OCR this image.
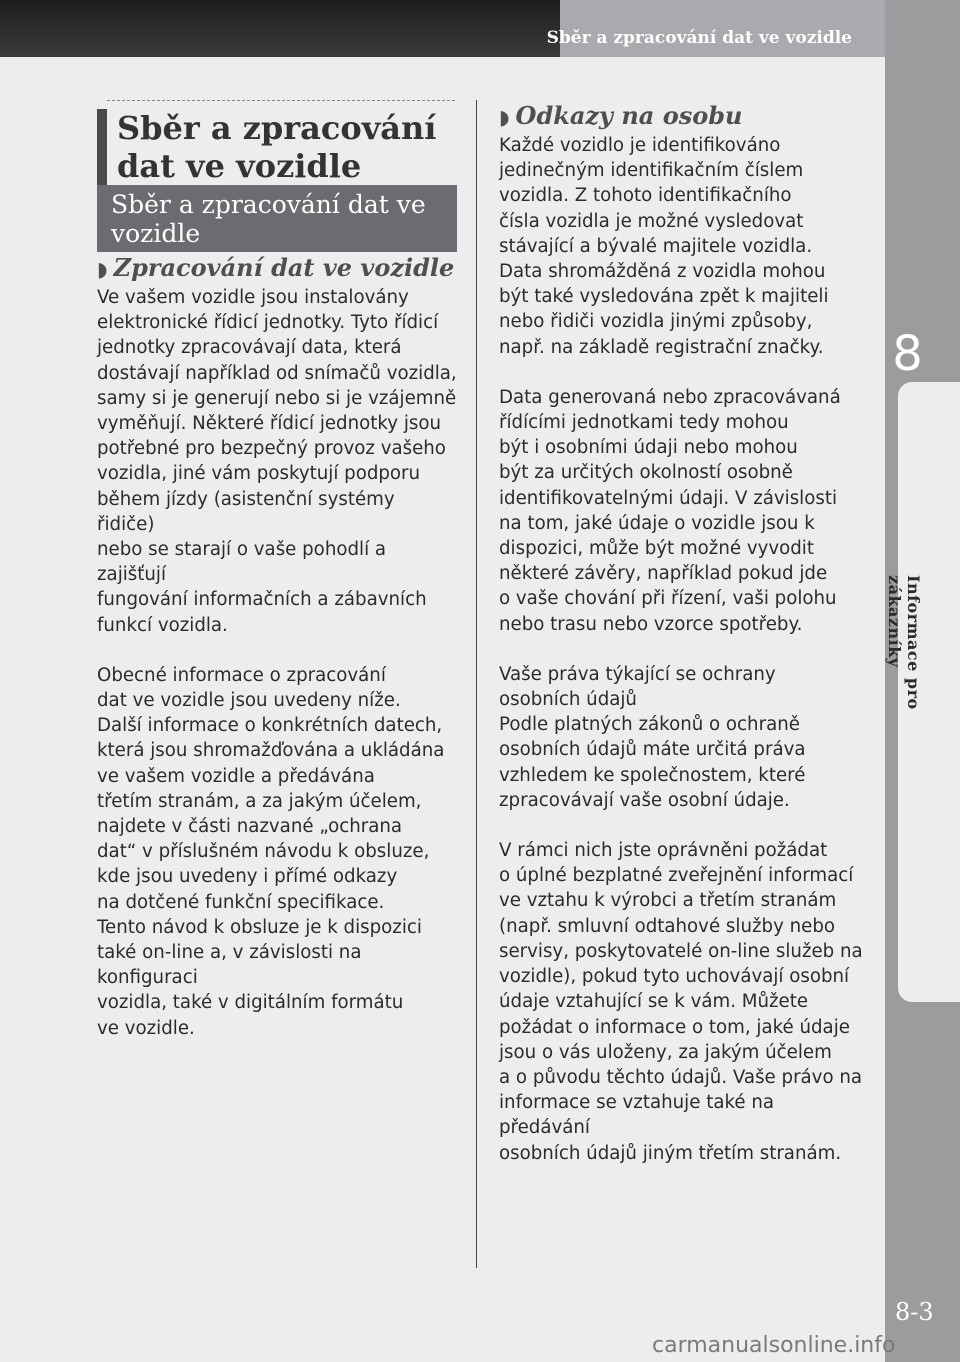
Sběr a zpracování dat ve vozidle
8
Informace pro zákazníky
8-3
Sběr a zpracování
dat ve vozidle
Sběr a zpracování dat ve
vozidle
◗ Zpracování dat ve vozidle

Ve vašem vozidle jsou instalovány
elektronické řídicí jednotky. Tyto řídicí
jednotky zpracovávají data, která
dostávají například od snímačů vozidla,
samy si je generují nebo si je vzájemně
vyměňují. Některé řídicí jednotky jsou
potřebné pro bezpečný provoz vašeho
vozidla, jiné vám poskytují podporu
během jízdy (asistenční systémy řidiče)
nebo se starají o vaše pohodlí a zajišťují
fungování informačních a zábavních
funkcí vozidla.

Obecné informace o zpracování
dat ve vozidle jsou uvedeny níže.
Další informace o konkrétních datech,
která jsou shromažďována a ukládána
ve vašem vozidle a předávána
třetím stranám, a za jakým účelem,
najdete v části nazvané „ochrana
dat“ v příslušném návodu k obsluze,
kde jsou uvedeny i přímé odkazy
na dotčené funkční specifikace.
Tento návod k obsluze je k dispozici
také on-line a, v závislosti na konfiguraci
vozidla, také v digitálním formátu
ve vozidle.

◗ Odkazy na osobu

Každé vozidlo je identifikováno
jedinečným identifikačním číslem
vozidla. Z tohoto identifikačního
čísla vozidla je možné vysledovat
stávající a bývalé majitele vozidla.
Data shromážděná z vozidla mohou
být také vysledována zpět k majiteli
nebo řidiči vozidla jinými způsoby,
např. na základě registrační značky.

Data generovaná nebo zpracovávaná
řídícími jednotkami tedy mohou
být i osobními údaji nebo mohou
být za určitých okolností osobně
identifikovatelnými údaji. V závislosti
na tom, jaké údaje o vozidle jsou k
dispozici, může být možné vyvodit
některé závěry, například pokud jde
o vaše chování při řízení, vaši polohu
nebo trasu nebo vzorce spotřeby.

Vaše práva týkající se ochrany
osobních údajů
Podle platných zákonů o ochraně
osobních údajů máte určitá práva
vzhledem ke společnostem, které
zpracovávají vaše osobní údaje.

V rámci nich jste oprávněni požádat
o úplné bezplatné zveřejnění informací
ve vztahu k výrobci a třetím stranám
(např. smluvní odtahové služby nebo
servisy, poskytovatelé on-line služeb na
vozidle), pokud tyto uchovávají osobní
údaje vztahující se k vám. Můžete
požádat o informace o tom, jaké údaje
jsou o vás uloženy, za jakým účelem
a o původu těchto údajů. Vaše právo na
informace se vztahuje také na předávání
osobních údajů jiným třetím stranám.

carmanualsonline.info
